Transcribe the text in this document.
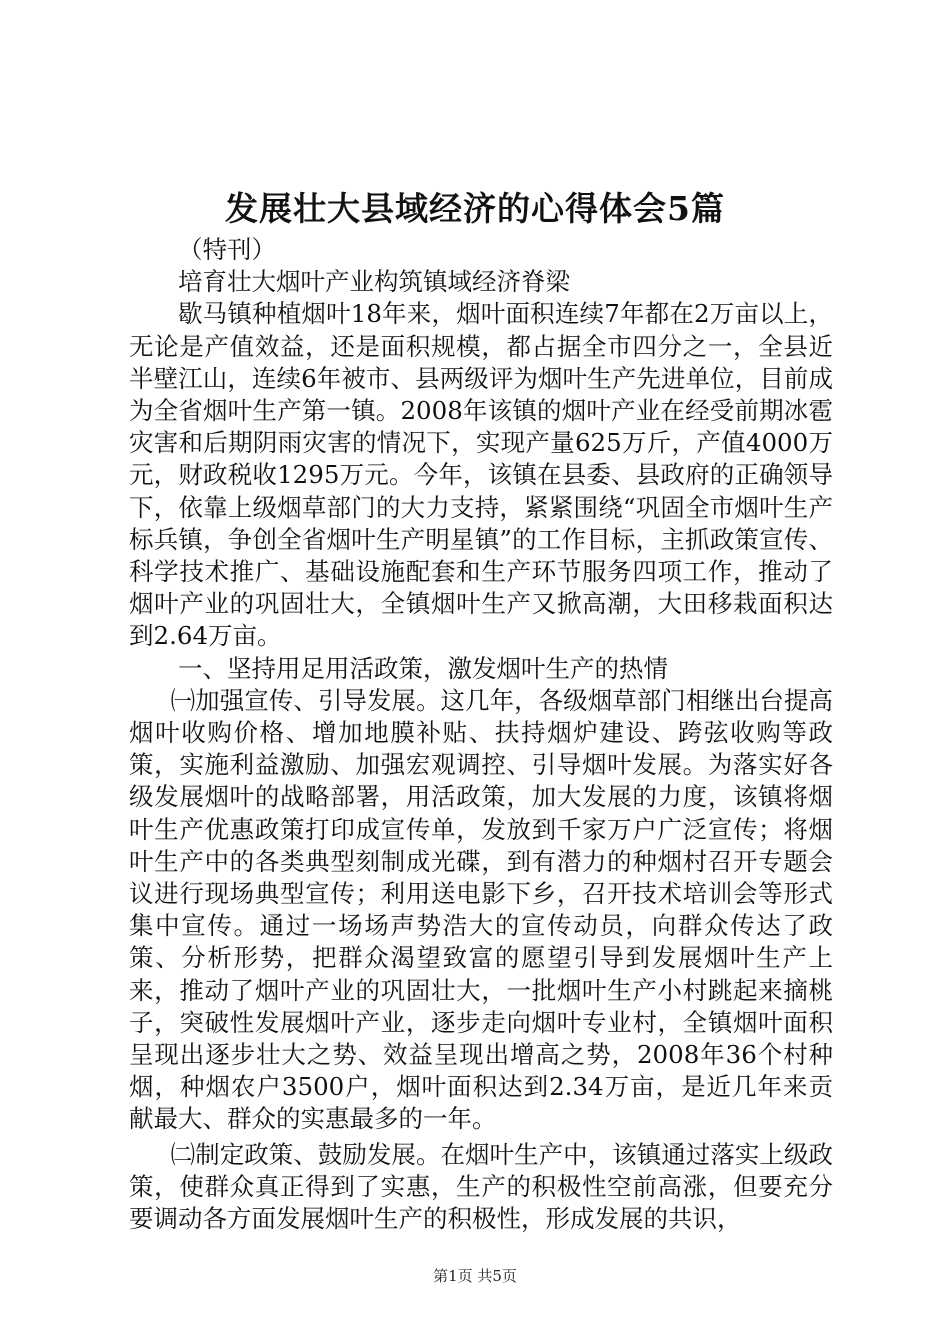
发展壮大县域经济的心得体会5篇

（特刊）

培育壮大烟叶产业构筑镇域经济脊梁

歇马镇种植烟叶18年来，烟叶面积连续7年都在2万亩以上，无论是产值效益，还是面积规模，都占据全市四分之一，全县近半壁江山，连续6年被市、县两级评为烟叶生产先进单位，目前成为全省烟叶生产第一镇。2008年该镇的烟叶产业在经受前期冰雹灾害和后期阴雨灾害的情况下，实现产量625万斤，产值4000万元，财政税收1295万元。今年，该镇在县委、县政府的正确领导下，依靠上级烟草部门的大力支持，紧紧围绕“巩固全市烟叶生产标兵镇，争创全省烟叶生产明星镇”的工作目标，主抓政策宣传、科学技术推广、基础设施配套和生产环节服务四项工作，推动了烟叶产业的巩固壮大，全镇烟叶生产又掀高潮，大田移栽面积达到2.64万亩。

一、坚持用足用活政策，激发烟叶生产的热情

㈠加强宣传、引导发展。这几年，各级烟草部门相继出台提高烟叶收购价格、增加地膜补贴、扶持烟炉建设、跨弦收购等政策，实施利益激励、加强宏观调控、引导烟叶发展。为落实好各级发展烟叶的战略部署，用活政策，加大发展的力度，该镇将烟叶生产优惠政策打印成宣传单，发放到千家万户广泛宣传；将烟叶生产中的各类典型刻制成光碟，到有潜力的种烟村召开专题会议进行现场典型宣传；利用送电影下乡，召开技术培训会等形式集中宣传。通过一场场声势浩大的宣传动员，向群众传达了政策、分析形势，把群众渴望致富的愿望引导到发展烟叶生产上来，推动了烟叶产业的巩固壮大，一批烟叶生产小村跳起来摘桃子，突破性发展烟叶产业，逐步走向烟叶专业村，全镇烟叶面积呈现出逐步壮大之势、效益呈现出增高之势，2008年36个村种烟，种烟农户3500户，烟叶面积达到2.34万亩，是近几年来贡献最大、群众的实惠最多的一年。

㈡制定政策、鼓励发展。在烟叶生产中，该镇通过落实上级政策，使群众真正得到了实惠，生产的积极性空前高涨，但要充分要调动各方面发展烟叶生产的积极性，形成发展的共识，

第1页 共5页
